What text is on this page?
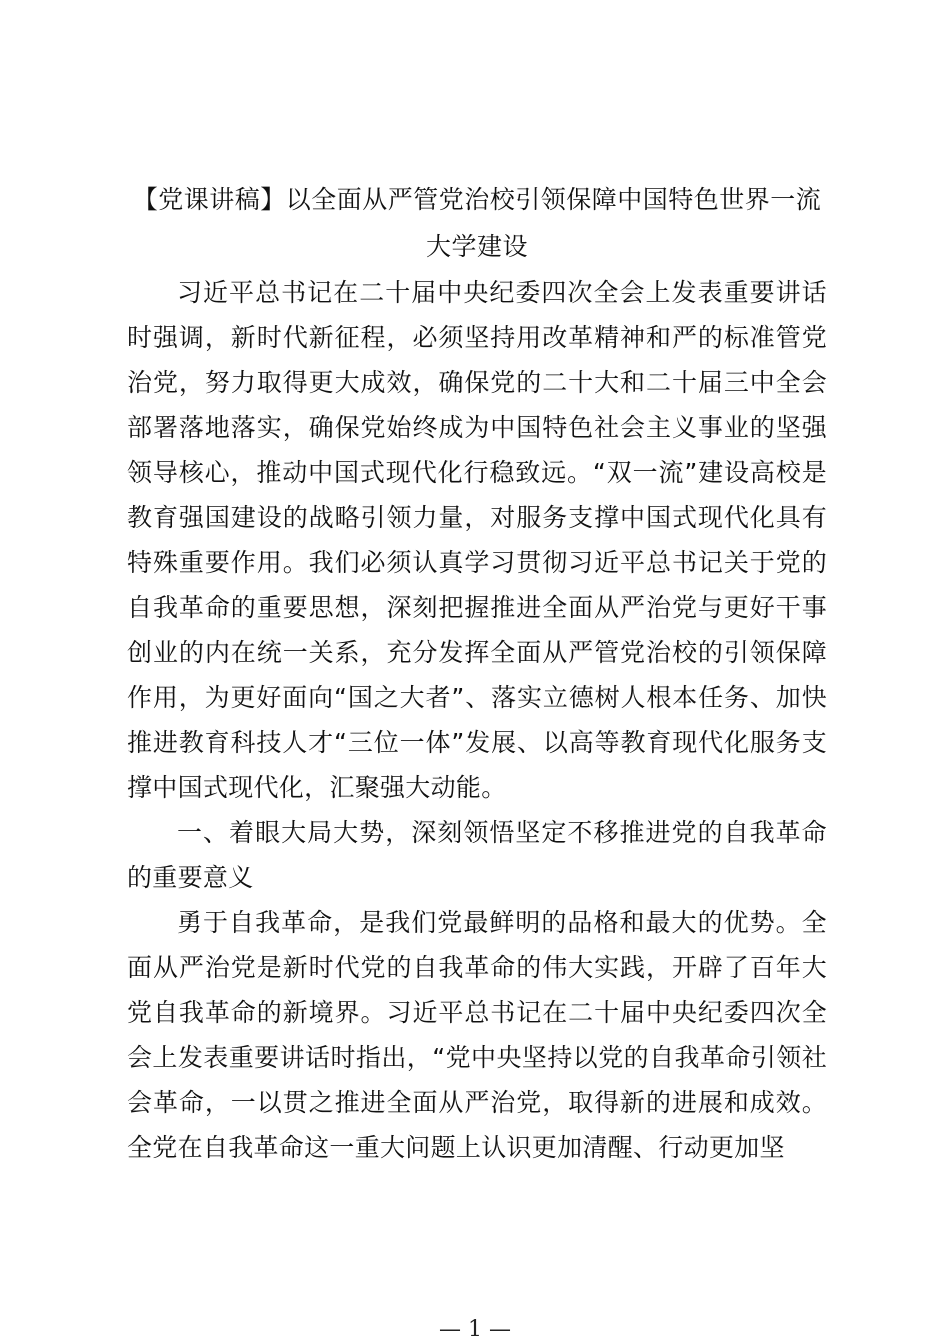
【党课讲稿】以全面从严管党治校引领保障中国特色世界一流大学建设

习近平总书记在二十届中央纪委四次全会上发表重要讲话时强调，新时代新征程，必须坚持用改革精神和严的标准管党治党，努力取得更大成效，确保党的二十大和二十届三中全会部署落地落实，确保党始终成为中国特色社会主义事业的坚强领导核心，推动中国式现代化行稳致远。“双一流”建设高校是教育强国建设的战略引领力量，对服务支撑中国式现代化具有特殊重要作用。我们必须认真学习贯彻习近平总书记关于党的自我革命的重要思想，深刻把握推进全面从严治党与更好干事创业的内在统一关系，充分发挥全面从严管党治校的引领保障作用，为更好面向“国之大者”、落实立德树人根本任务、加快推进教育科技人才“三位一体”发展、以高等教育现代化服务支撑中国式现代化，汇聚强大动能。

一、着眼大局大势，深刻领悟坚定不移推进党的自我革命的重要意义

勇于自我革命，是我们党最鲜明的品格和最大的优势。全面从严治党是新时代党的自我革命的伟大实践，开辟了百年大党自我革命的新境界。习近平总书记在二十届中央纪委四次全会上发表重要讲话时指出，“党中央坚持以党的自我革命引领社会革命，一以贯之推进全面从严治党，取得新的进展和成效。全党在自我革命这一重大问题上认识更加清醒、行动更加坚

— 1 —
